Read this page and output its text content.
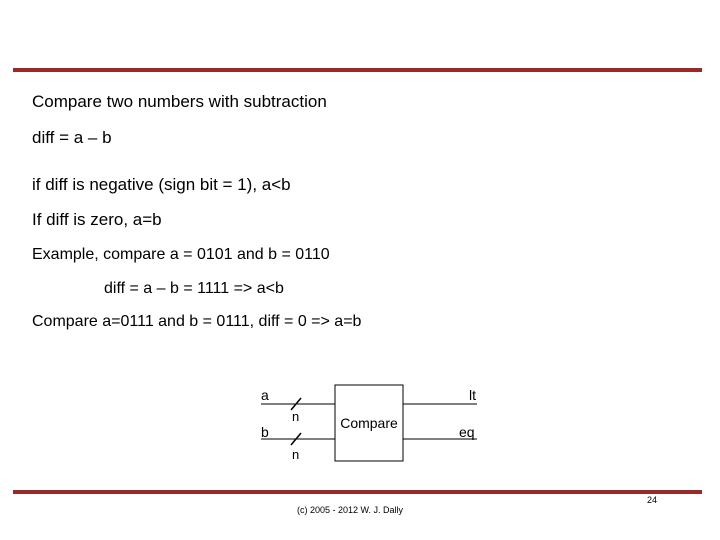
Compare two numbers with subtraction
diff = a – b
if diff is negative (sign bit = 1), a<b
If diff is zero, a=b
Example, compare a = 0101 and b = 0110
diff = a – b = 1111 => a<b
Compare a=0111 and b = 0111, diff = 0 => a=b
a
b
n
n
Compare
lt
eq
(c) 2005 - 2012 W. J. Dally
24
